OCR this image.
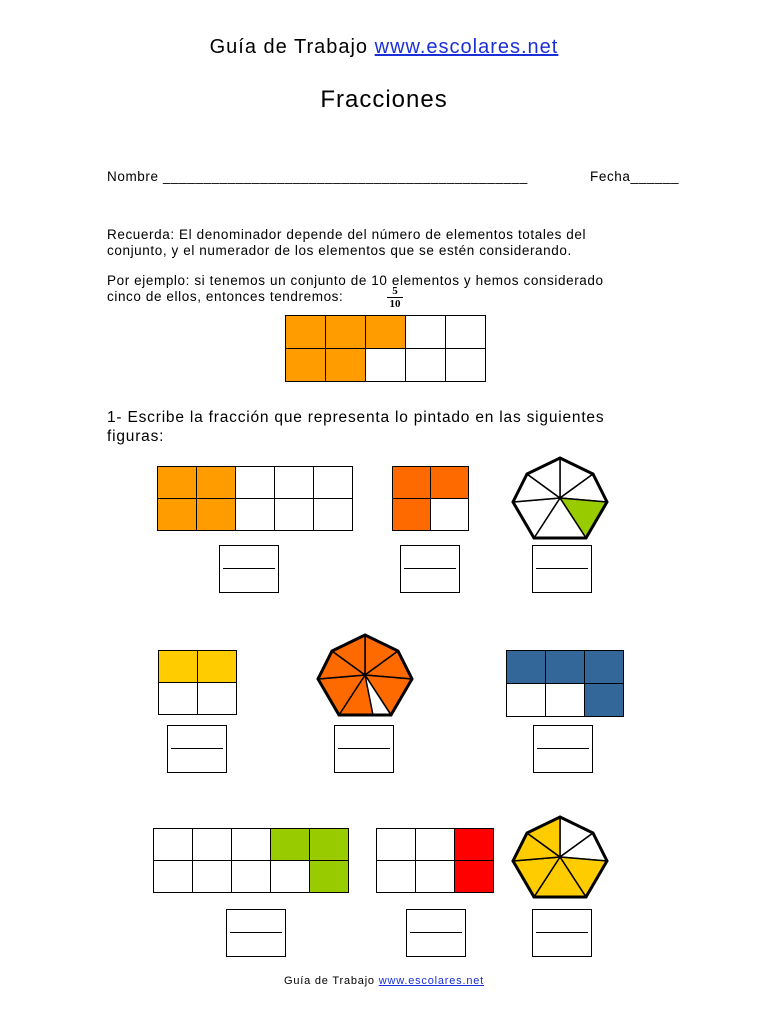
Guía de Trabajo www.escolares.net
Fracciones
Nombre _____________________________________________	Fecha______
Recuerda: El denominador depende del número de elementos totales del
conjunto, y el numerador de los elementos que se estén considerando.
Por ejemplo: si tenemos un conjunto de 10 elementos y hemos considerado
cinco de ellos, entonces tendremos:	5
10

1- Escribe la fracción que representa lo pintado en las siguientes
figuras:

Guía de Trabajo www.escolares.net
